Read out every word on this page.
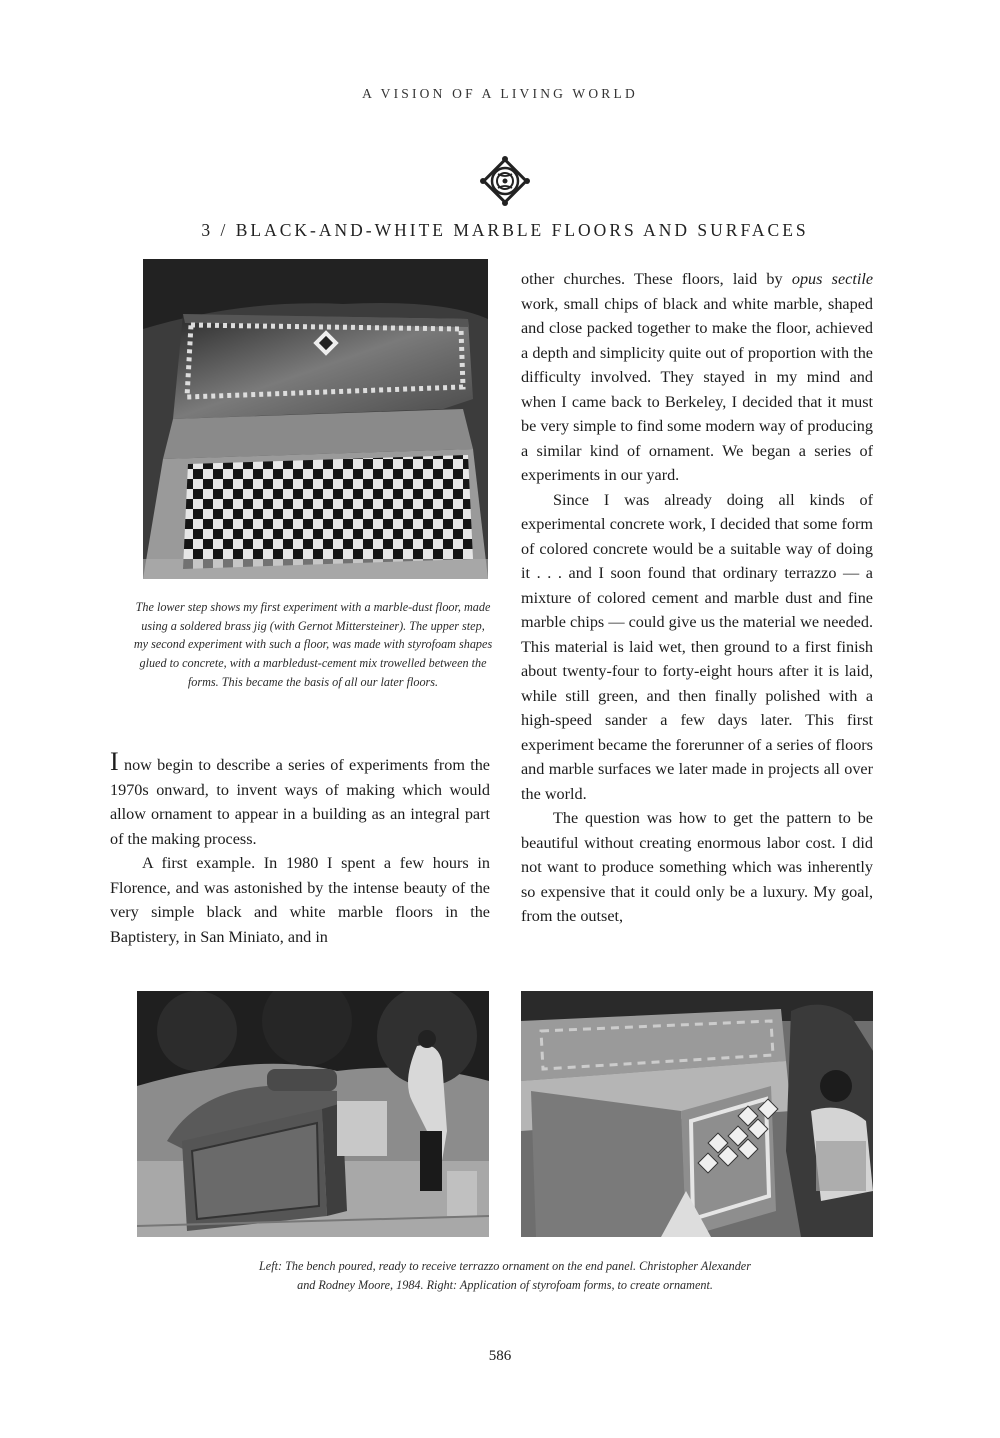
A VISION OF A LIVING WORLD
3 / BLACK-AND-WHITE MARBLE FLOORS AND SURFACES
The lower step shows my first experiment with a marble-dust floor, made using a soldered brass jig (with Gernot Mittersteiner). The upper step, my second experiment with such a floor, was made with styrofoam shapes glued to concrete, with a marbledust-cement mix trowelled between the forms. This became the basis of all our later floors.

I now begin to describe a series of experiments from the 1970s onward, to invent ways of making which would allow ornament to appear in a building as an integral part of the making process.

A first example. In 1980 I spent a few hours in Florence, and was astonished by the intense beauty of the very simple black and white marble floors in the Baptistery, in San Miniato, and in

other churches. These floors, laid by opus sectile work, small chips of black and white marble, shaped and close packed together to make the floor, achieved a depth and simplicity quite out of proportion with the difficulty involved. They stayed in my mind and when I came back to Berkeley, I decided that it must be very simple to find some modern way of producing a similar kind of ornament. We began a series of experiments in our yard.

Since I was already doing all kinds of experimental concrete work, I decided that some form of colored concrete would be a suitable way of doing it . . . and I soon found that ordinary terrazzo — a mixture of colored cement and marble dust and fine marble chips — could give us the material we needed. This material is laid wet, then ground to a first finish about twenty-four to forty-eight hours after it is laid, while still green, and then finally polished with a high-speed sander a few days later. This first experiment became the forerunner of a series of floors and marble surfaces we later made in projects all over the world.

The question was how to get the pattern to be beautiful without creating enormous labor cost. I did not want to produce something which was inherently so expensive that it could only be a luxury. My goal, from the outset,

Left: The bench poured, ready to receive terrazzo ornament on the end panel. Christopher Alexander
and Rodney Moore, 1984. Right: Application of styrofoam forms, to create ornament.
586
